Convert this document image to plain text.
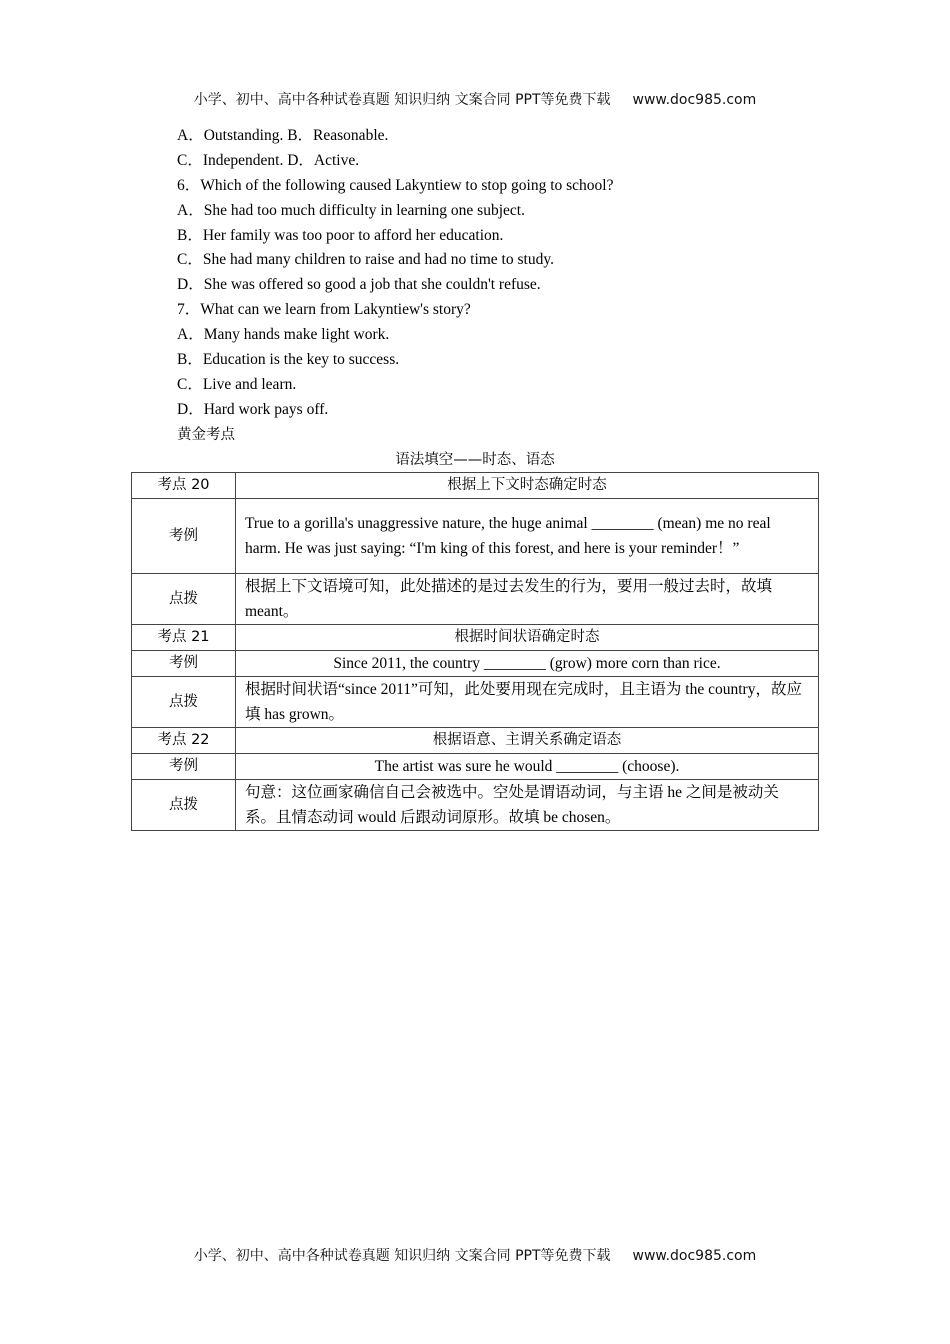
小学、初中、高中各种试卷真题 知识归纳 文案合同 PPT等免费下载 www.doc985.com
A．Outstanding. B．Reasonable.
C．Independent. D．Active.
6．Which of the following caused Lakyntiew to stop going to school?
A．She had too much difficulty in learning one subject.
B．Her family was too poor to afford her education.
C．She had many children to raise and had no time to study.
D．She was offered so good a job that she couldn't refuse.
7．What can we learn from Lakyntiew's story?
A．Many hands make light work.
B．Education is the key to success.
C．Live and learn.
D．Hard work pays off.
黄金考点
语法填空——时态、语态
考点 20	根据上下文时态确定时态
考例	True to a gorilla's unaggressive nature, the huge animal ________ (mean) me no real harm. He was just saying: “I'm king of this forest, and here is your reminder！”
点拨	根据上下文语境可知，此处描述的是过去发生的行为，要用一般过去时，故填 meant。
考点 21	根据时间状语确定时态
考例	Since 2011, the country ________ (grow) more corn than rice.
点拨	根据时间状语“since 2011”可知，此处要用现在完成时，且主语为 the country，故应填 has grown。
考点 22	根据语意、主谓关系确定语态
考例	The artist was sure he would ________ (choose).
点拨	句意：这位画家确信自己会被选中。空处是谓语动词，与主语 he 之间是被动关系。且情态动词 would 后跟动词原形。故填 be chosen。
小学、初中、高中各种试卷真题 知识归纳 文案合同 PPT等免费下载 www.doc985.com
